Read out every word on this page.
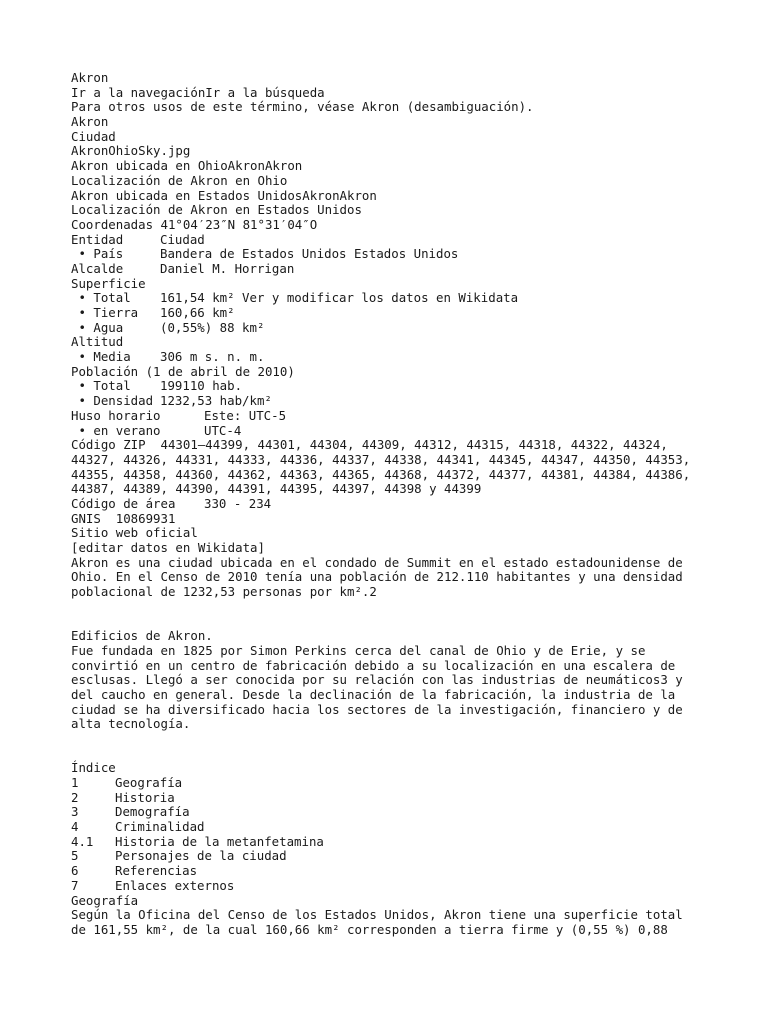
Akron
Ir a la navegaciónIr a la búsqueda
Para otros usos de este término, véase Akron (desambiguación).
Akron
Ciudad
AkronOhioSky.jpg
Akron ubicada en OhioAkronAkron
Localización de Akron en Ohio
Akron ubicada en Estados UnidosAkronAkron
Localización de Akron en Estados Unidos
Coordenadas 41°04′23″N 81°31′04″O
Entidad	Ciudad
• País	Bandera de Estados Unidos Estados Unidos
Alcalde	Daniel M. Horrigan
Superficie
• Total 161,54 km² Ver y modificar los datos en Wikidata
• Tierra 160,66 km²
• Agua	(0,55%) 88 km²
Altitud
• Media 306 m s. n. m.
Población (1 de abril de 2010)
• Total 199110 hab.
• Densidad 1232,53 hab/km²
Huso horario	Este: UTC-5
• en verano	UTC-4
Código ZIP  44301–44399, 44301, 44304, 44309, 44312, 44315, 44318, 44322, 44324,
44327, 44326, 44331, 44333, 44336, 44337, 44338, 44341, 44345, 44347, 44350, 44353,
44355, 44358, 44360, 44362, 44363, 44365, 44368, 44372, 44377, 44381, 44384, 44386,
44387, 44389, 44390, 44391, 44395, 44397, 44398 y 44399
Código de área 330 - 234
GNIS  10869931
Sitio web oficial
[editar datos en Wikidata]
Akron es una ciudad ubicada en el condado de Summit en el estado estadounidense de
Ohio. En el Censo de 2010 tenía una población de 212.110 habitantes y una densidad
poblacional de 1232,53 personas por km².2
Edificios de Akron.
Fue fundada en 1825 por Simon Perkins cerca del canal de Ohio y de Erie, y se
convirtió en un centro de fabricación debido a su localización en una escalera de
esclusas. Llegó a ser conocida por su relación con las industrias de neumáticos3 y
del caucho en general. Desde la declinación de la fabricación, la industria de la
ciudad se ha diversificado hacia los sectores de la investigación, financiero y de
alta tecnología.
Índice
1	Geografía
2	Historia
3	Demografía
4	Criminalidad
4.1 Historia de la metanfetamina
5	Personajes de la ciudad
6	Referencias
7	Enlaces externos
Geografía
Según la Oficina del Censo de los Estados Unidos, Akron tiene una superficie total
de 161,55 km², de la cual 160,66 km² corresponden a tierra firme y (0,55 %) 0,88
